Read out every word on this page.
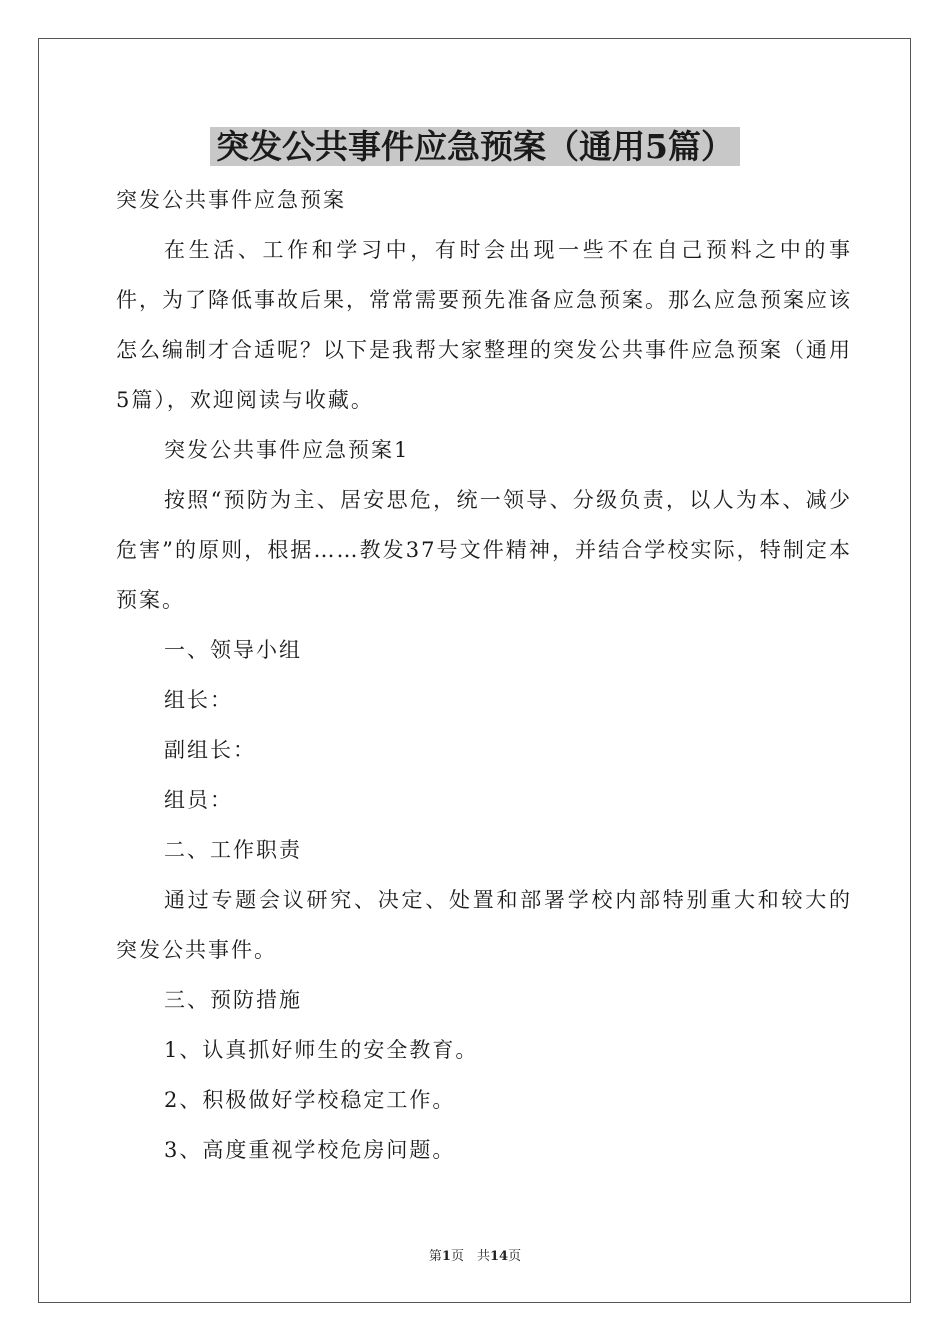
突发公共事件应急预案（通用5篇）

突发公共事件应急预案

在生活、工作和学习中，有时会出现一些不在自己预料之中的事件，为了降低事故后果，常常需要预先准备应急预案。那么应急预案应该怎么编制才合适呢？以下是我帮大家整理的突发公共事件应急预案（通用5篇），欢迎阅读与收藏。

突发公共事件应急预案1

按照“预防为主、居安思危，统一领导、分级负责，以人为本、减少危害”的原则，根据……教发37号文件精神，并结合学校实际，特制定本预案。

一、领导小组

组长：

副组长：

组员：

二、工作职责

通过专题会议研究、决定、处置和部署学校内部特别重大和较大的突发公共事件。

三、预防措施

1、认真抓好师生的安全教育。

2、积极做好学校稳定工作。

3、高度重视学校危房问题。

第1页　共14页
